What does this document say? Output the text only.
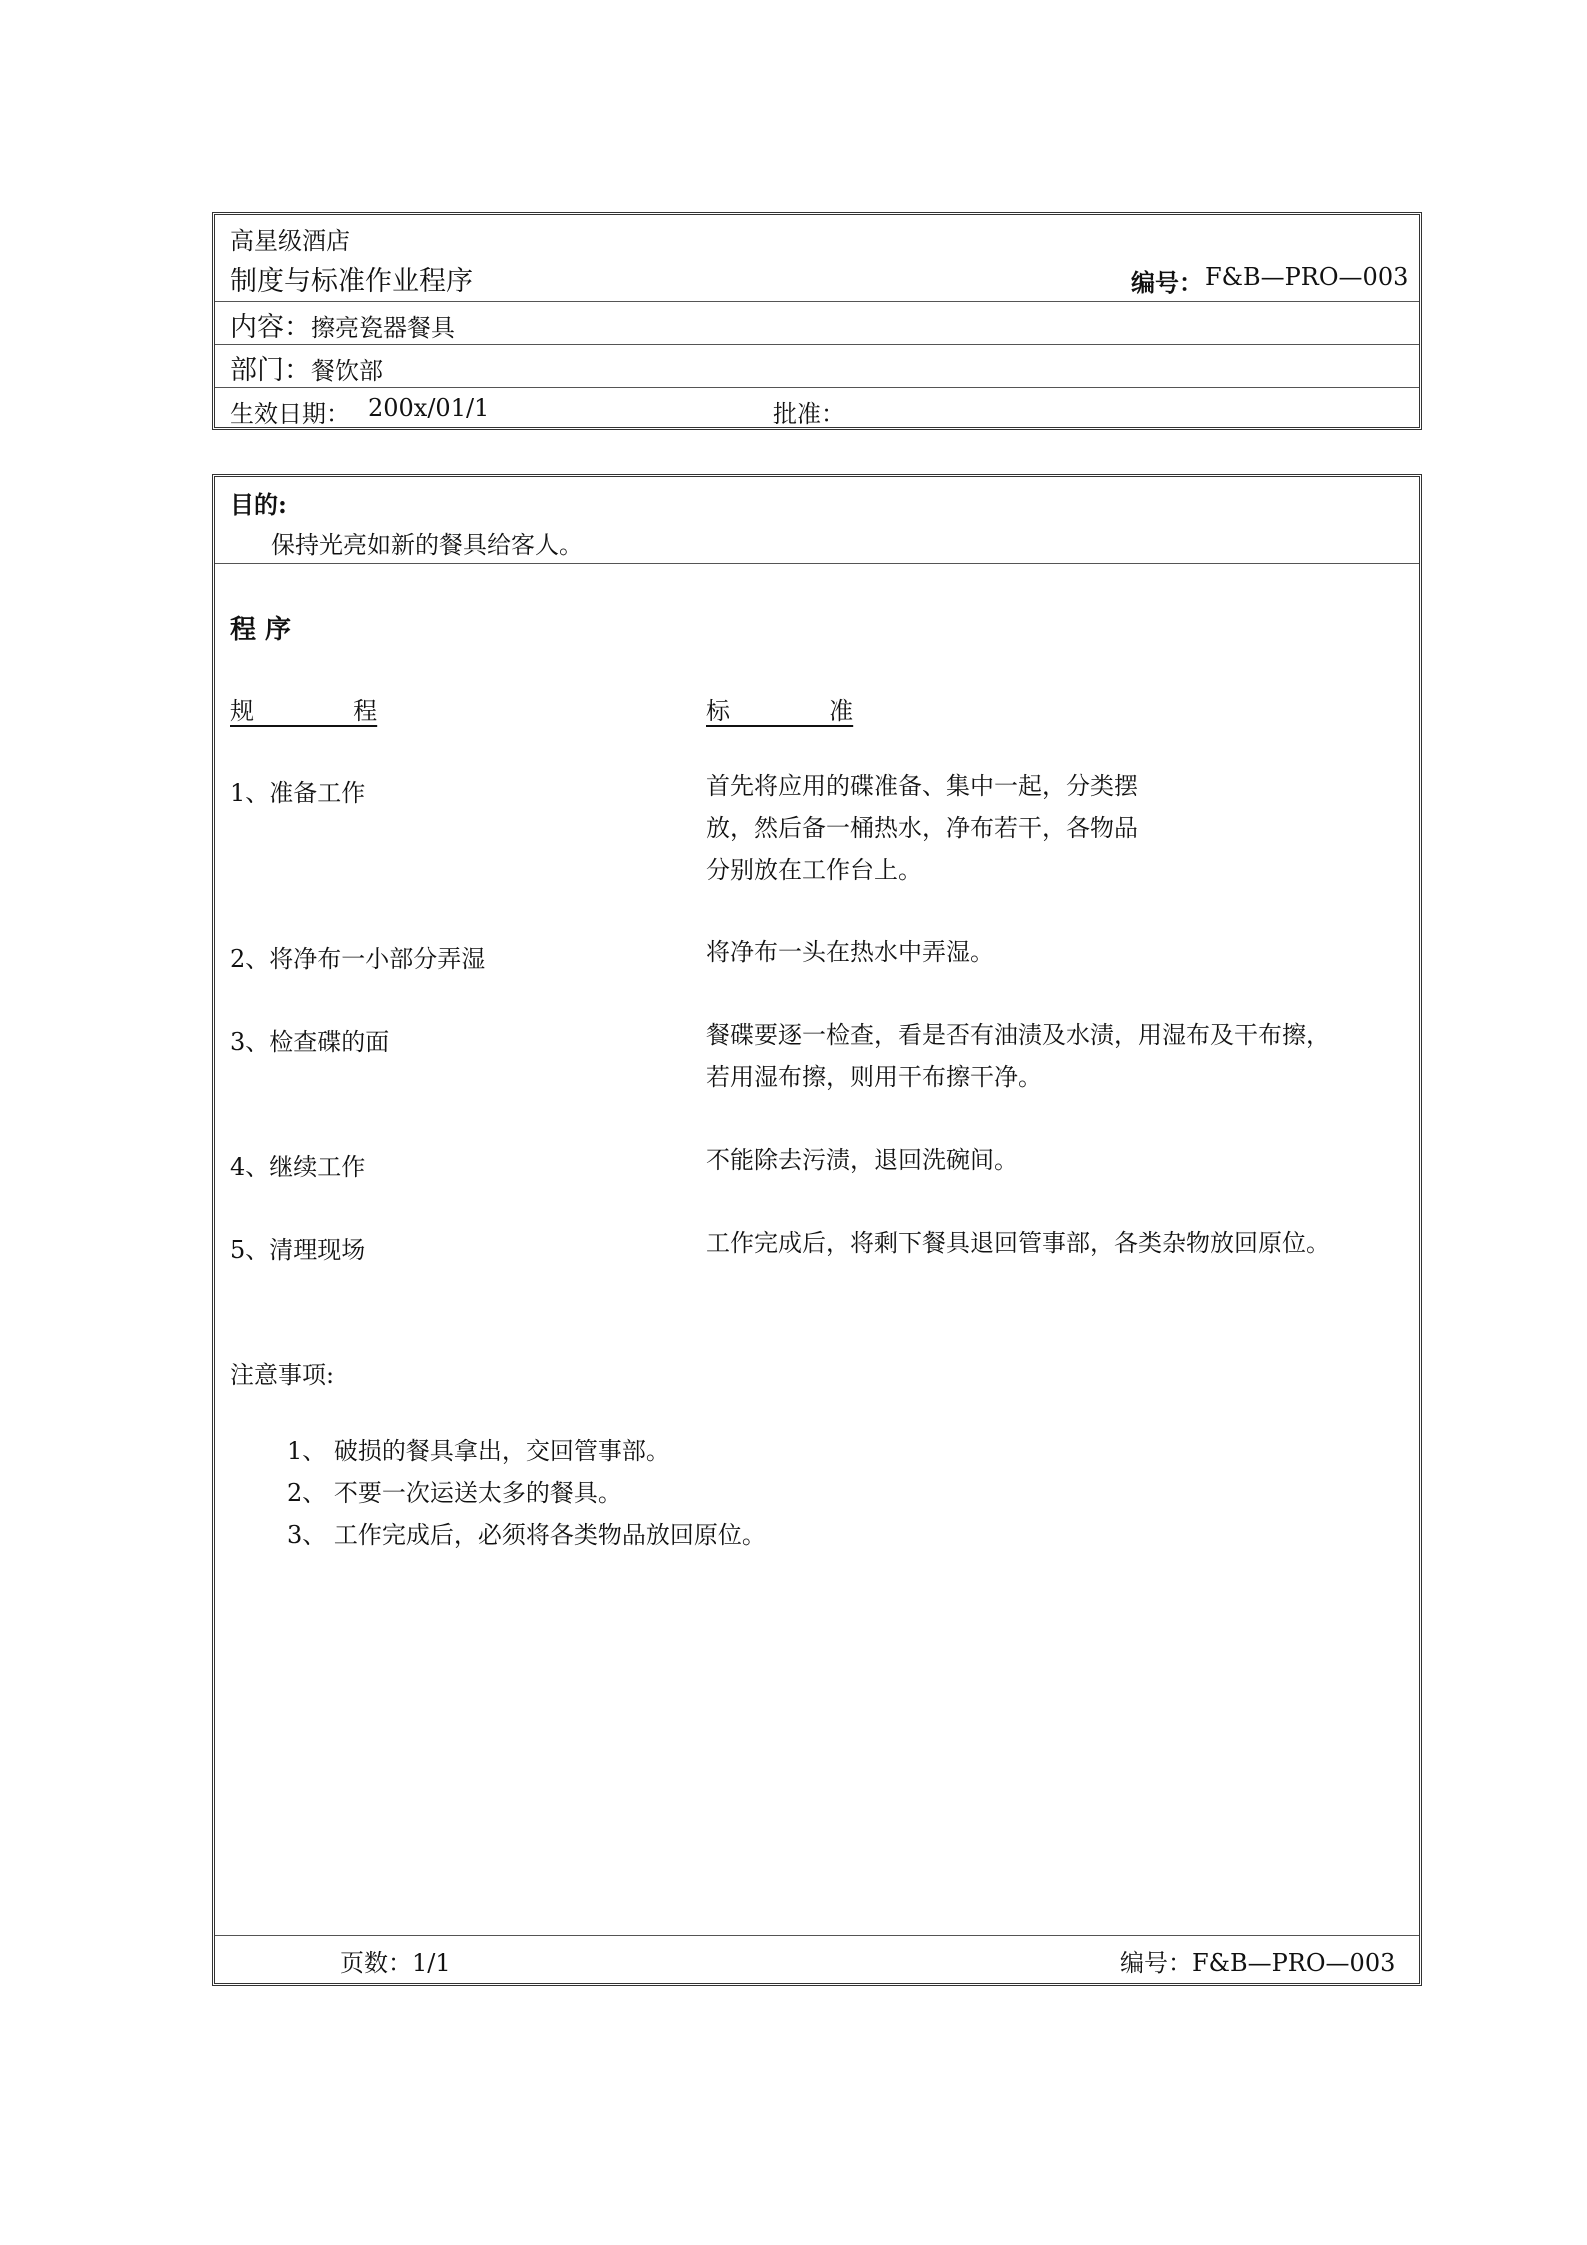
高星级酒店
制度与标准作业程序	编号： F&B—PRO—003
内容： 擦亮瓷器餐具
部门： 餐饮部
生效日期： 200x/01/1	批准：
目的:
保持光亮如新的餐具给客人。
程 序
规             程	标             准
1、准备工作	首先将应用的碟准备、集中一起，分类摆
放，然后备一桶热水，净布若干，各物品
分别放在工作台上。
2、将净布一小部分弄湿	将净布一头在热水中弄湿。
3、检查碟的面	餐碟要逐一检查，看是否有油渍及水渍，用湿布及干布擦，
若用湿布擦，则用干布擦干净。
4、继续工作	不能除去污渍，退回洗碗间。
5、清理现场	工作完成后，将剩下餐具退回管事部，各类杂物放回原位。
注意事项:
1、 破损的餐具拿出，交回管事部。
2、 不要一次运送太多的餐具。
3、 工作完成后，必须将各类物品放回原位。
页数：1/1	编号：F&B—PRO—003
